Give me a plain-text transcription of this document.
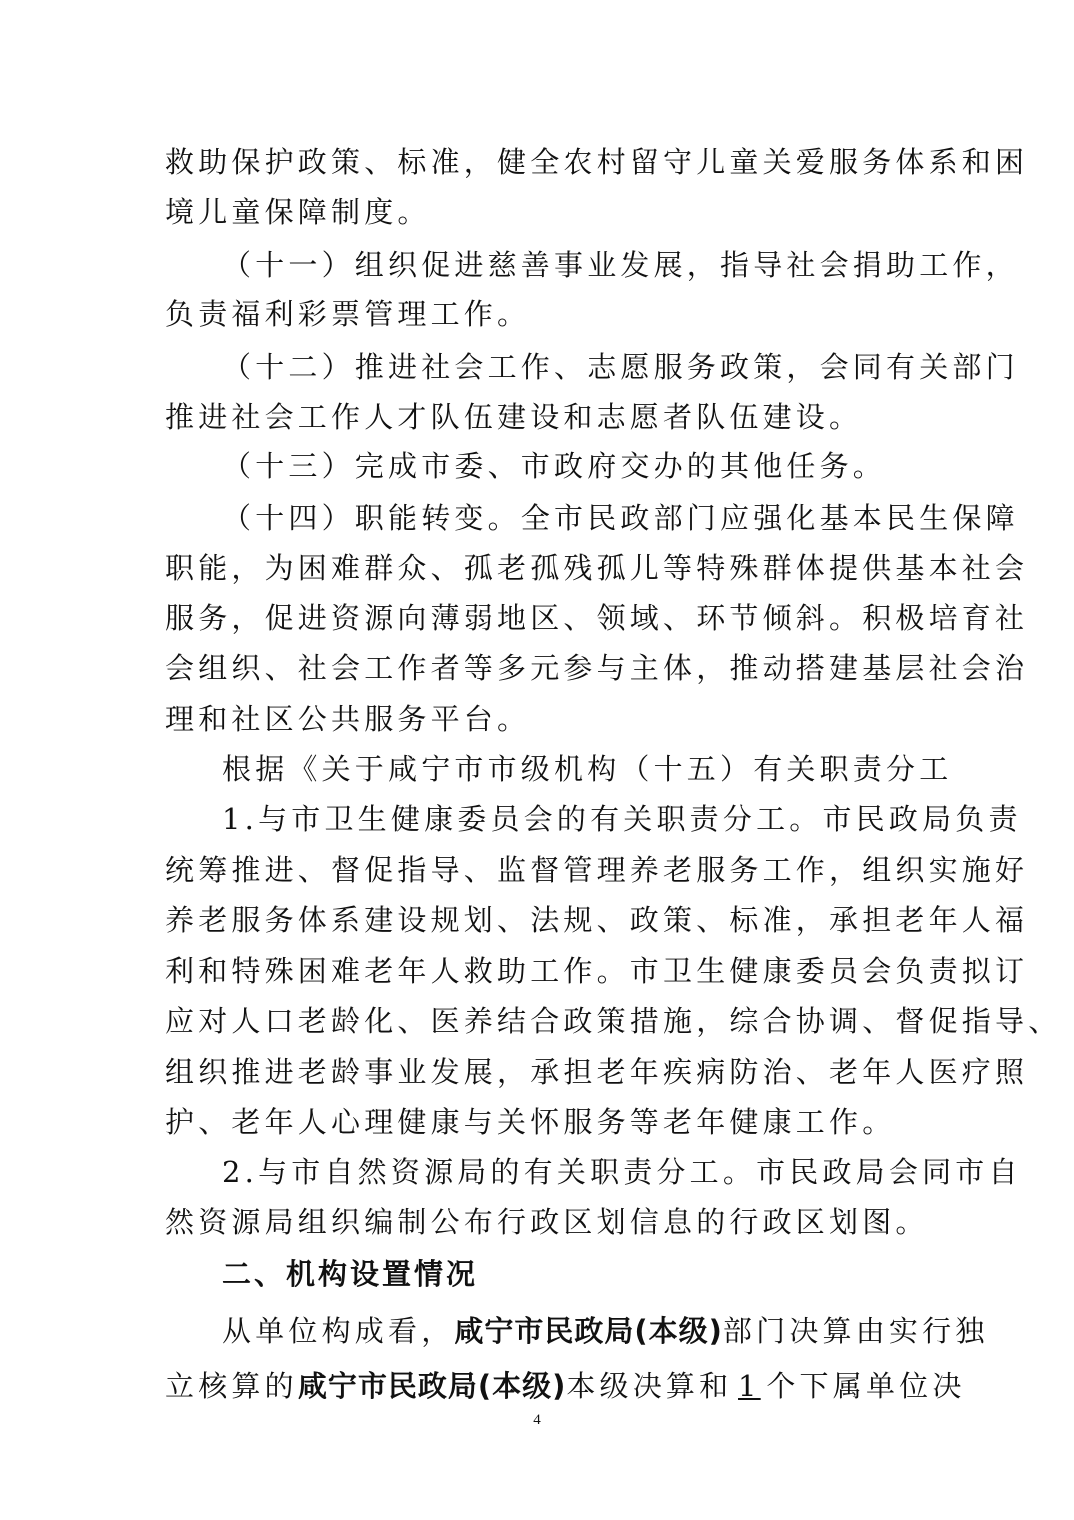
救助保护政策、标准，健全农村留守儿童关爱服务体系和困
境儿童保障制度。
（十一）组织促进慈善事业发展，指导社会捐助工作，
负责福利彩票管理工作。
（十二）推进社会工作、志愿服务政策，会同有关部门
推进社会工作人才队伍建设和志愿者队伍建设。
（十三）完成市委、市政府交办的其他任务。
（十四）职能转变。全市民政部门应强化基本民生保障
职能，为困难群众、孤老孤残孤儿等特殊群体提供基本社会
服务，促进资源向薄弱地区、领域、环节倾斜。积极培育社
会组织、社会工作者等多元参与主体，推动搭建基层社会治
理和社区公共服务平台。
根据《关于咸宁市市级机构（十五）有关职责分工
1.与市卫生健康委员会的有关职责分工。市民政局负责
统筹推进、督促指导、监督管理养老服务工作，组织实施好
养老服务体系建设规划、法规、政策、标准，承担老年人福
利和特殊困难老年人救助工作。市卫生健康委员会负责拟订
应对人口老龄化、医养结合政策措施，综合协调、督促指导、
组织推进老龄事业发展，承担老年疾病防治、老年人医疗照
护、老年人心理健康与关怀服务等老年健康工作。
2.与市自然资源局的有关职责分工。市民政局会同市自
然资源局组织编制公布行政区划信息的行政区划图。
二、机构设置情况
从单位构成看，咸宁市民政局(本级)部门决算由实行独
立核算的咸宁市民政局(本级)本级决算和 1 个下属单位决
4
